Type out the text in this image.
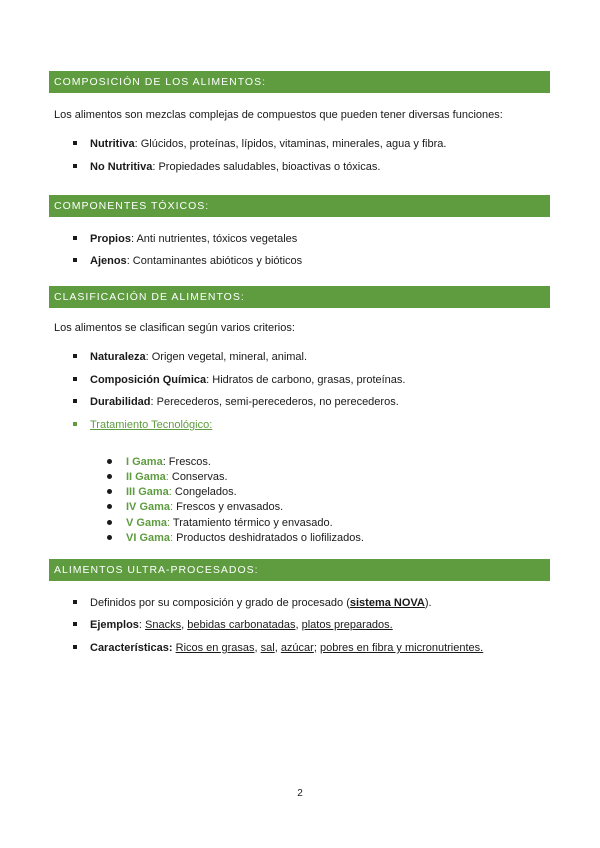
COMPOSICIÓN DE LOS ALIMENTOS:
Los alimentos son mezclas complejas de compuestos que pueden tener diversas funciones:
Nutritiva: Glúcidos, proteínas, lípidos, vitaminas, minerales, agua y fibra.
No Nutritiva: Propiedades saludables, bioactivas o tóxicas.
COMPONENTES TÓXICOS:
Propios: Anti nutrientes, tóxicos vegetales
Ajenos: Contaminantes abióticos y bióticos
CLASIFICACIÓN DE ALIMENTOS:
Los alimentos se clasifican según varios criterios:
Naturaleza: Origen vegetal, mineral, animal.
Composición Química: Hidratos de carbono, grasas, proteínas.
Durabilidad: Perecederos, semi-perecederos, no perecederos.
Tratamiento Tecnológico:
I Gama: Frescos.
II Gama: Conservas.
III Gama: Congelados.
IV Gama: Frescos y envasados.
V Gama: Tratamiento térmico y envasado.
VI Gama: Productos deshidratados o liofilizados.
ALIMENTOS ULTRA-PROCESADOS:
Definidos por su composición y grado de procesado (sistema NOVA).
Ejemplos: Snacks, bebidas carbonatadas, platos preparados.
Características: Ricos en grasas, sal, azúcar; pobres en fibra y micronutrientes.
2
